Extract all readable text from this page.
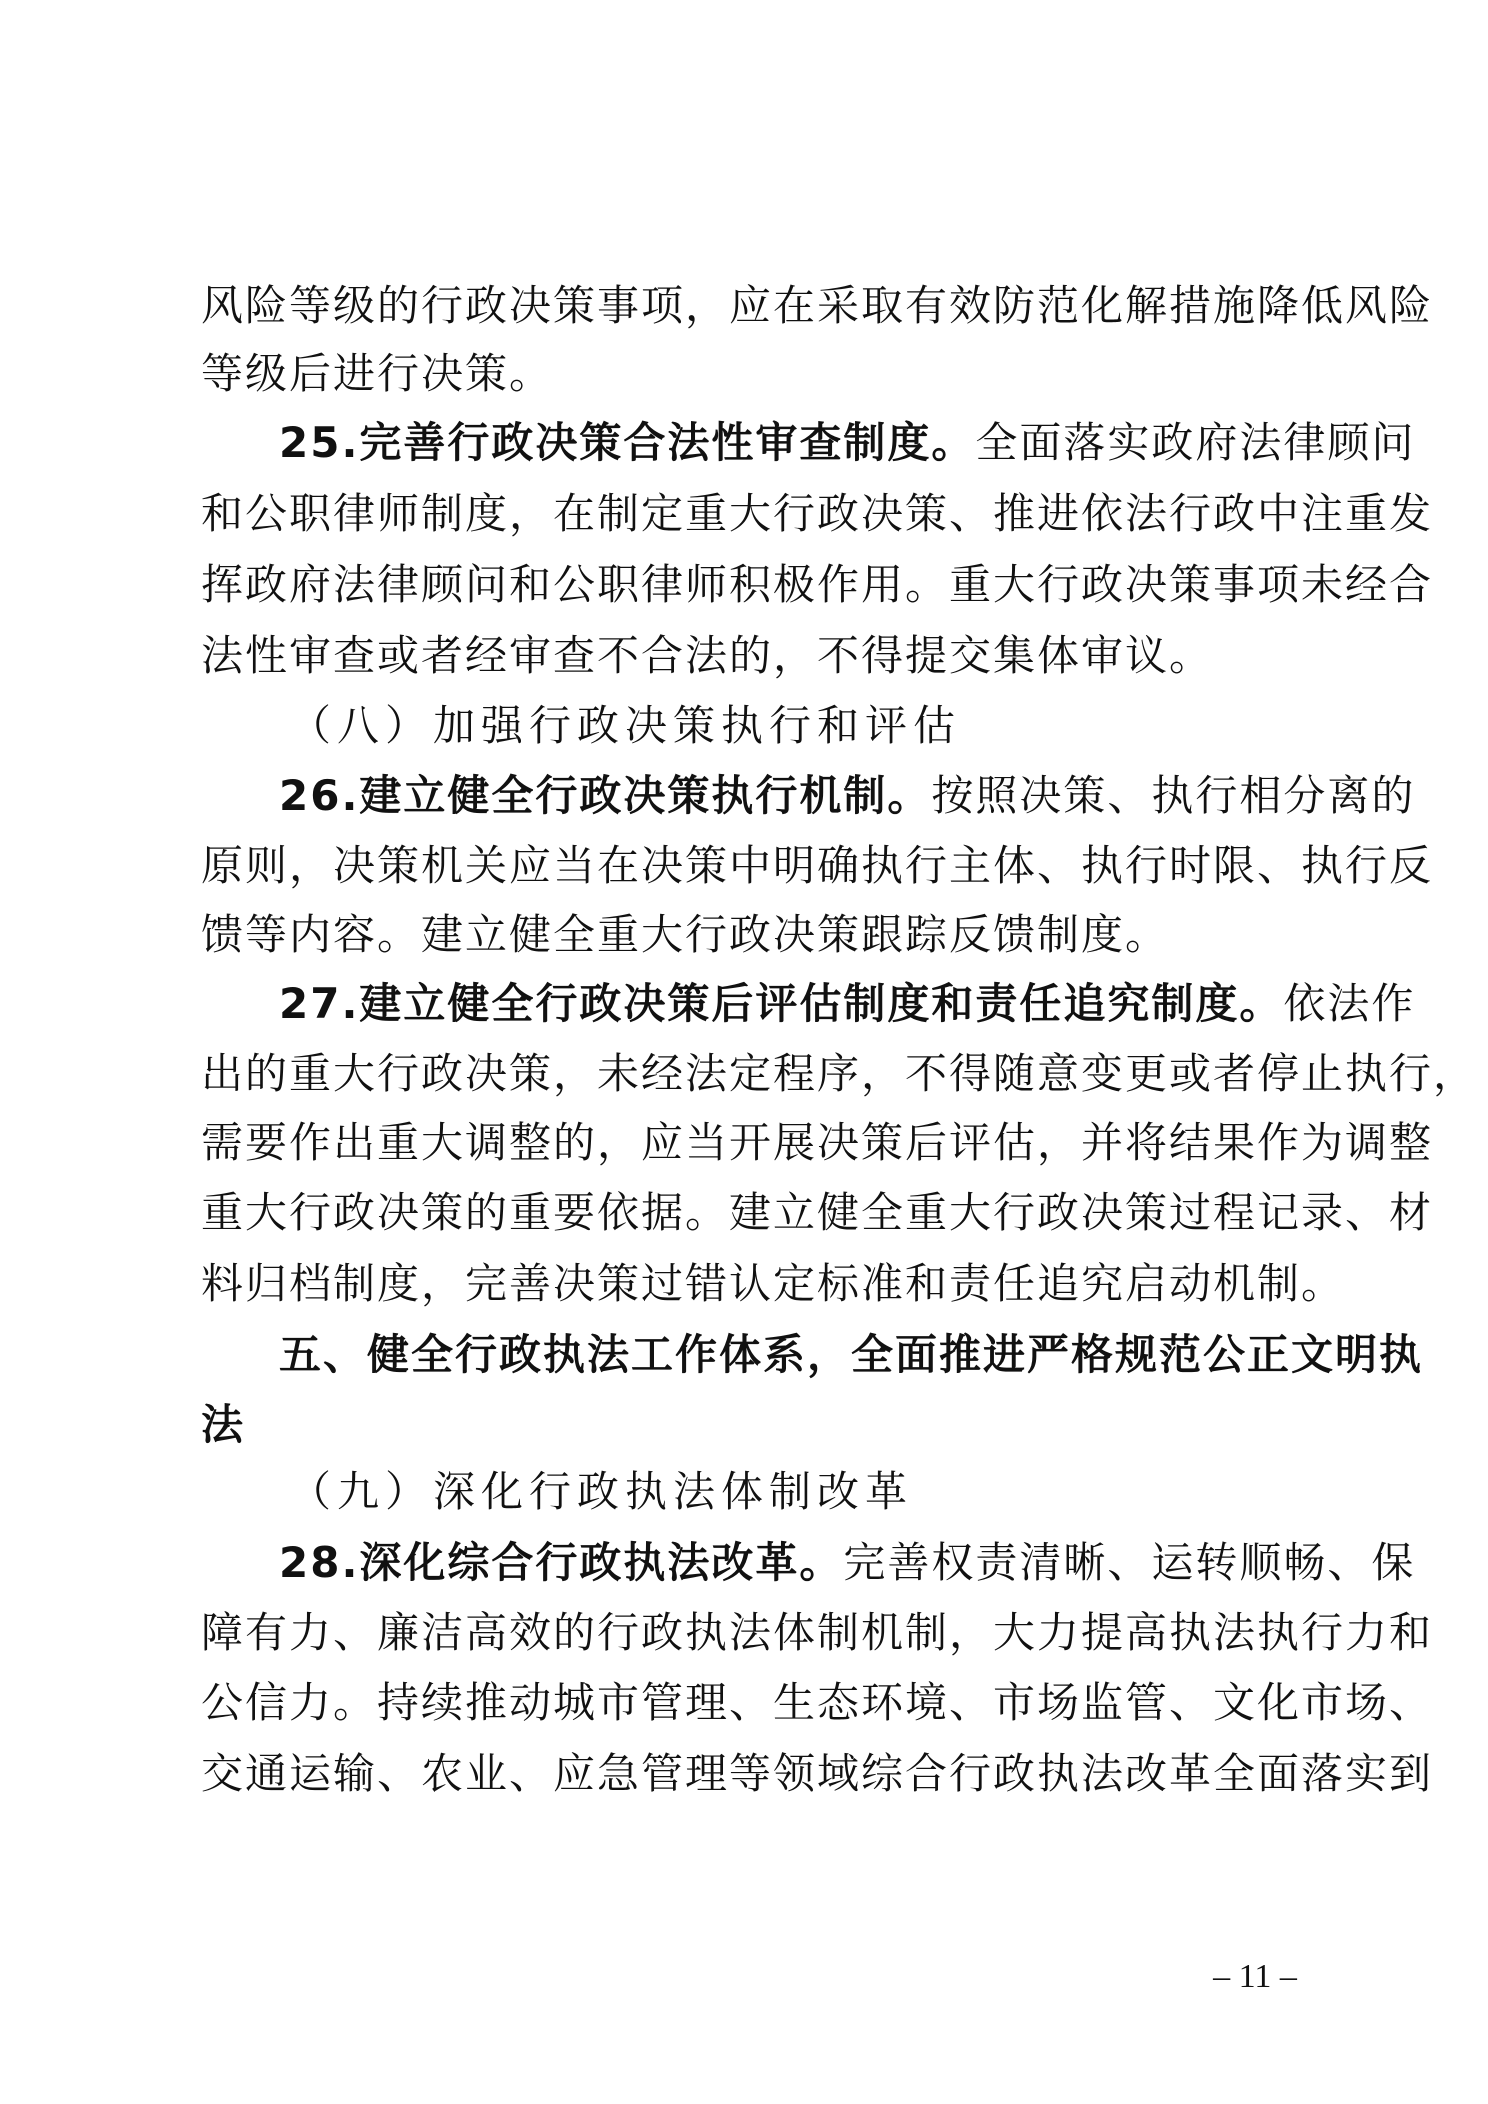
风险等级的行政决策事项，应在采取有效防范化解措施降低风险
等级后进行决策。
25.完善行政决策合法性审查制度。全面落实政府法律顾问
和公职律师制度，在制定重大行政决策、推进依法行政中注重发
挥政府法律顾问和公职律师积极作用。重大行政决策事项未经合
法性审查或者经审查不合法的，不得提交集体审议。
（八）加强行政决策执行和评估
26.建立健全行政决策执行机制。按照决策、执行相分离的
原则，决策机关应当在决策中明确执行主体、执行时限、执行反
馈等内容。建立健全重大行政决策跟踪反馈制度。
27.建立健全行政决策后评估制度和责任追究制度。依法作
出的重大行政决策，未经法定程序，不得随意变更或者停止执行，
需要作出重大调整的，应当开展决策后评估，并将结果作为调整
重大行政决策的重要依据。建立健全重大行政决策过程记录、材
料归档制度，完善决策过错认定标准和责任追究启动机制。
五、健全行政执法工作体系，全面推进严格规范公正文明执
法
（九）深化行政执法体制改革
28.深化综合行政执法改革。完善权责清晰、运转顺畅、保
障有力、廉洁高效的行政执法体制机制，大力提高执法执行力和
公信力。持续推动城市管理、生态环境、市场监管、文化市场、
交通运输、农业、应急管理等领域综合行政执法改革全面落实到
– 11 –
